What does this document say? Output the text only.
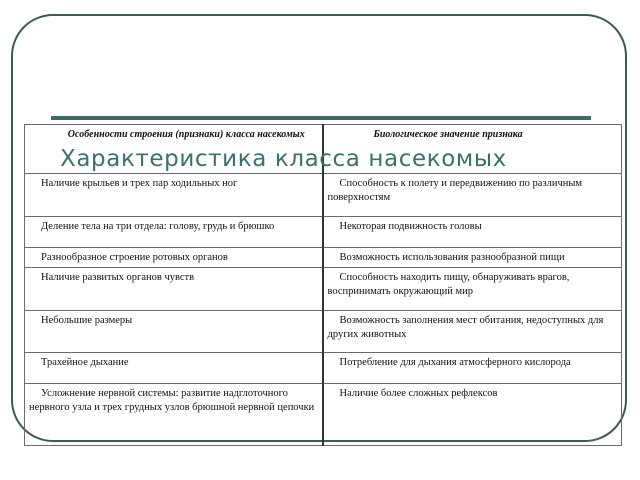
Особенности строения (признаки) класса насекомых	Биологическое значение признака

Наличие крыльев и трех пар ходильных ног	Способность к полету и передвижению по различным поверхностям

Деление тела на три отдела: голову, грудь и брюшко	Некоторая подвижность головы

Разнообразное строение ротовых органов	Возможность использования разнообразной пищи

Наличие развитых органов чувств	Способность находить пищу, обнаруживать врагов, воспринимать окружающий мир

Небольшие размеры	Возможность заполнения мест обитания, недоступных для других животных

Трахейное дыхание	Потребление для дыхания атмосферного кислорода

Усложнение нервной системы: развитие надглоточного нервного узла и трех грудных узлов брюшной нервной цепочки	Наличие более сложных рефлексов
Характеристика класса насекомых
